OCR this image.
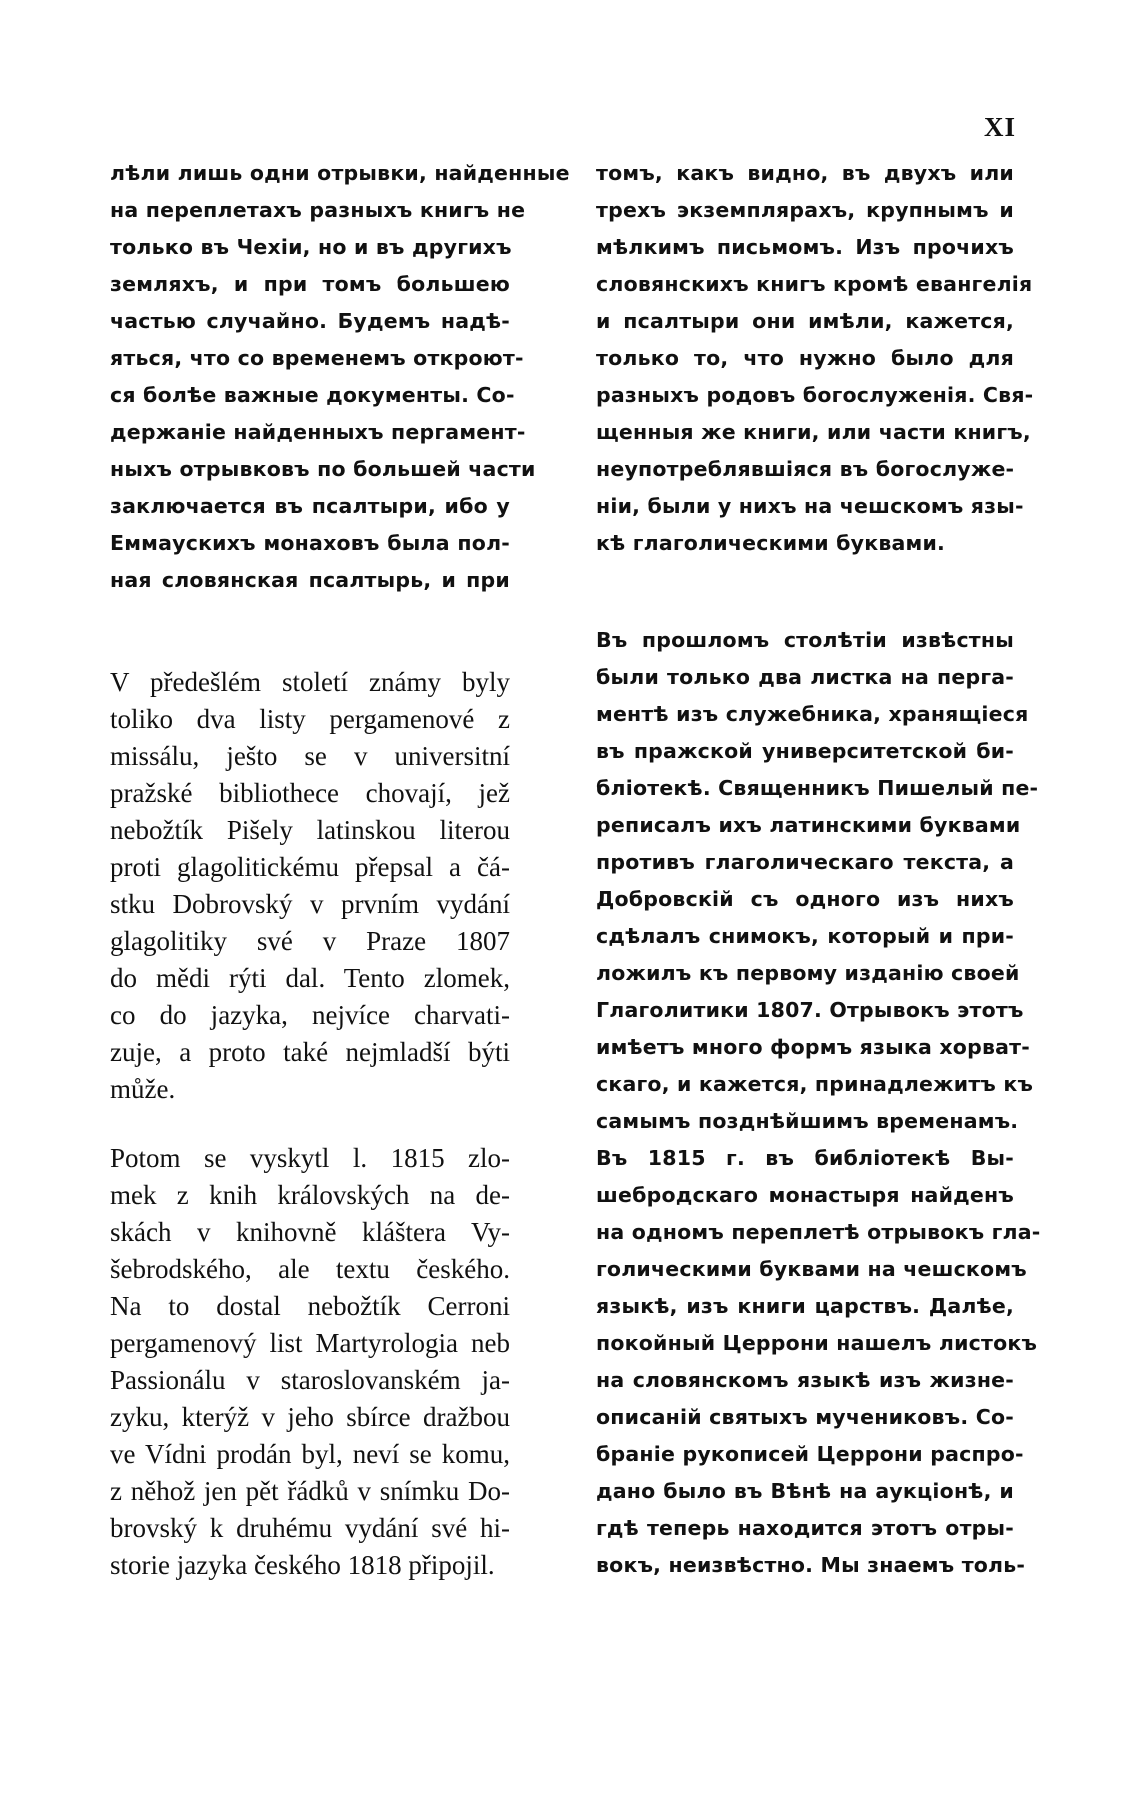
XI
лѣли лишь одни отрывки, найденные
на переплетахъ разныхъ книгъ не
только въ Чехіи, но и въ другихъ
земляхъ, и при томъ большею
частью случайно. Будемъ надѣ-
яться, что со временемъ откроют-
ся болѣе важные документы. Со-
держаніе найденныхъ пергамент-
ныхъ отрывковъ по большей части
заключается въ псалтыри, ибо у
Еммаускихъ монаховъ была пол-
ная словянская псалтырь, и при
V předešlém století známy byly
toliko dva listy pergamenové z
missálu, ješto se v universitní
pražské bibliothece chovají, jež
nebožtík Pišely latinskou literou
proti glagolitickému přepsal a čá-
stku Dobrovský v prvním vydání
glagolitiky své v Praze 1807
do mědi rýti dal. Tento zlomek,
co do jazyka, nejvíce charvati-
zuje, a proto také nejmladší býti
může.
Potom se vyskytl l. 1815 zlo-
mek z knih královských na de-
skách v knihovně kláštera Vy-
šebrodského, ale textu českého.
Na to dostal nebožtík Cerroni
pergamenový list Martyrologia neb
Passionálu v staroslovanském ja-
zyku, kterýž v jeho sbírce dražbou
ve Vídni prodán byl, neví se komu,
z něhož jen pět řádků v snímku Do-
brovský k druhému vydání své hi-
storie jazyka českého 1818 připojil.
томъ, какъ видно, въ двухъ или
трехъ экземплярахъ, крупнымъ и
мѣлкимъ письмомъ. Изъ прочихъ
словянскихъ книгъ кромѣ евангелія
и псалтыри они имѣли, кажется,
только то, что нужно было для
разныхъ родовъ богослуженія. Свя-
щенныя же книги, или части книгъ,
неупотреблявшіяся въ богослуже-
ніи, были у нихъ на чешскомъ язы-
кѣ глаголическими буквами.
Въ прошломъ столѣтіи извѣстны
были только два листка на перга-
ментѣ изъ служебника, хранящіеся
въ пражской университетской би-
бліотекѣ. Священникъ Пишелый пе-
реписалъ ихъ латинскими буквами
противъ глаголическаго текста, а
Добровскій съ одного изъ нихъ
сдѣлалъ снимокъ, который и при-
ложилъ къ первому изданію своей
Глаголитики 1807. Отрывокъ этотъ
имѣетъ много формъ языка хорват-
скаго, и кажется, принадлежитъ къ
самымъ позднѣйшимъ временамъ.
Въ 1815 г. въ библіотекѣ Вы-
шебродскаго монастыря найденъ
на одномъ переплетѣ отрывокъ гла-
голическими буквами на чешскомъ
языкѣ, изъ книги царствъ. Далѣе,
покойный Церрони нашелъ листокъ
на словянскомъ языкѣ изъ жизне-
описаній святыхъ мучениковъ. Со-
браніе рукописей Церрони распро-
дано было въ Вѣнѣ на аукціонѣ, и
гдѣ теперь находится этотъ отры-
вокъ, неизвѣстно. Мы знаемъ толь-
